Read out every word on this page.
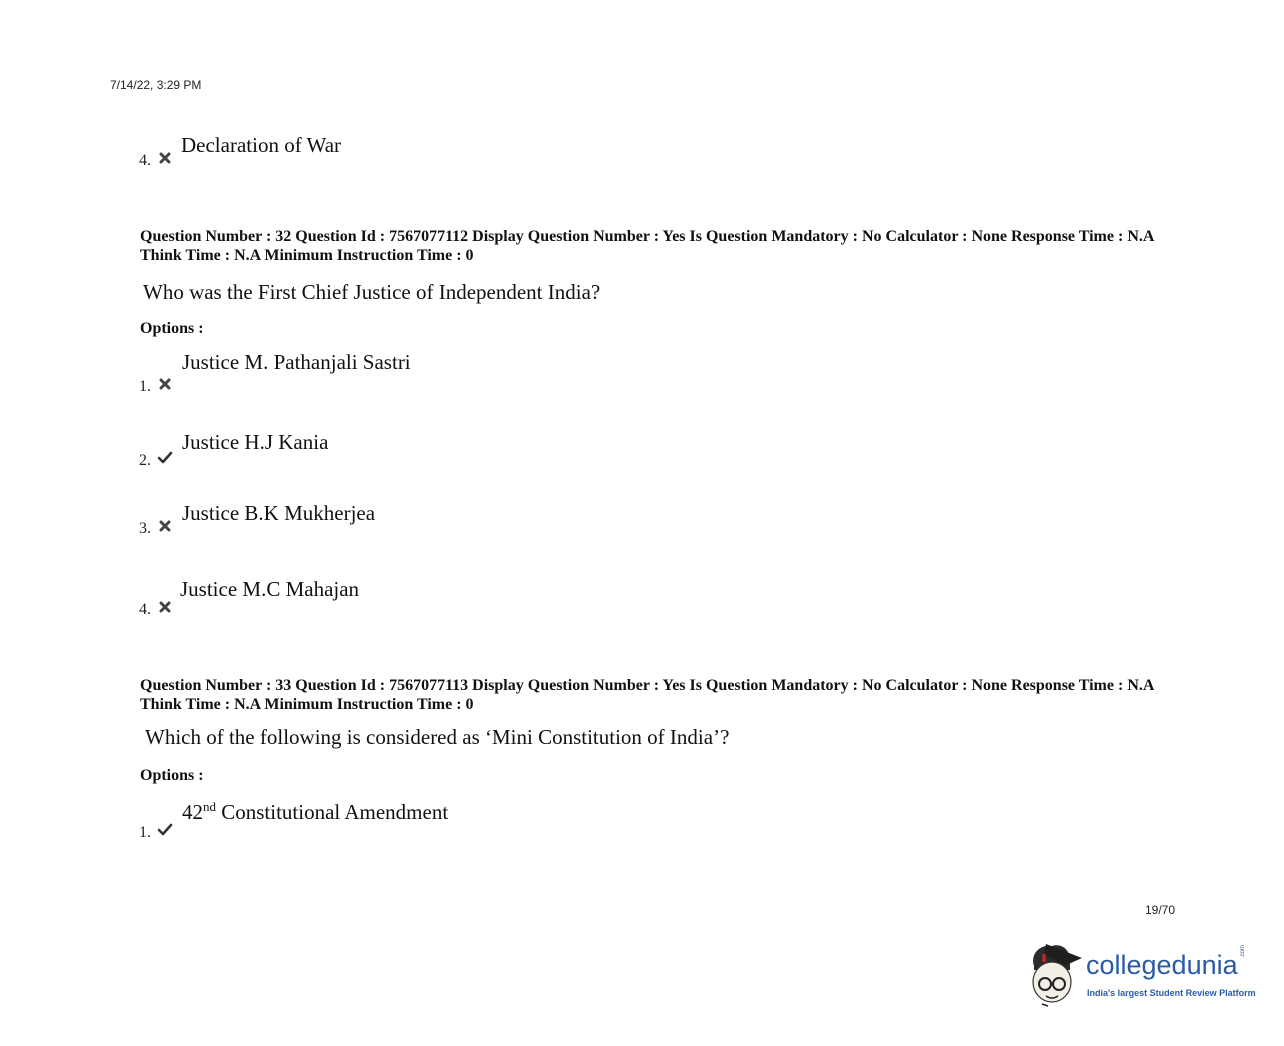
7/14/22, 3:29 PM
4.
Declaration of War
Question Number : 32 Question Id : 7567077112 Display Question Number : Yes Is Question Mandatory : No Calculator : None Response Time : N.A Think Time : N.A Minimum Instruction Time : 0
Who was the First Chief Justice of Independent India?
Options :
1.
Justice M. Pathanjali Sastri
2.
Justice H.J Kania
3.
Justice B.K Mukherjea
4.
Justice M.C Mahajan
Question Number : 33 Question Id : 7567077113 Display Question Number : Yes Is Question Mandatory : No Calculator : None Response Time : N.A Think Time : N.A Minimum Instruction Time : 0
Which of the following is considered as ‘Mini Constitution of India’?
Options :
1.
42nd Constitutional Amendment
19/70
collegedunia .com
India's largest Student Review Platform
